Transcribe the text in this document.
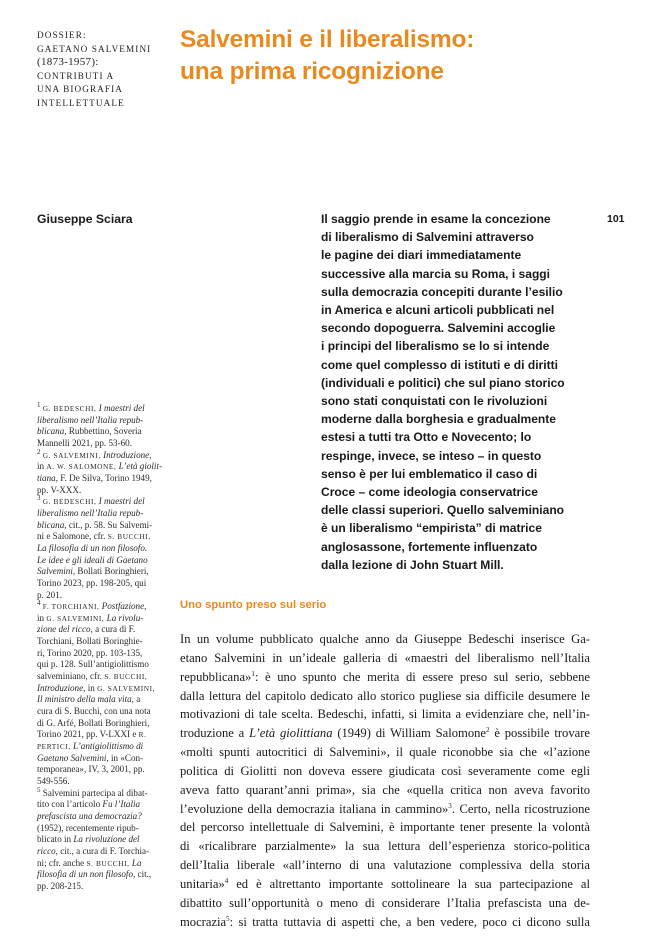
DOSSIER:
GAETANO SALVEMINI
(1873-1957):
CONTRIBUTI A
UNA BIOGRAFIA
INTELLETTUALE
Salvemini e il liberalismo:
una prima ricognizione
Giuseppe Sciara	101
Il saggio prende in esame la concezione
di liberalismo di Salvemini attraverso
le pagine dei diari immediatamente
successive alla marcia su Roma, i saggi
sulla democrazia concepiti durante l’esilio
in America e alcuni articoli pubblicati nel
secondo dopoguerra. Salvemini accoglie
i principi del liberalismo se lo si intende
come quel complesso di istituti e di diritti
(individuali e politici) che sul piano storico
sono stati conquistati con le rivoluzioni
moderne dalla borghesia e gradualmente
estesi a tutti tra Otto e Novecento; lo
respinge, invece, se inteso – in questo
senso è per lui emblematico il caso di
Croce – come ideologia conservatrice
delle classi superiori. Quello salveminiano
è un liberalismo “empirista” di matrice
anglosassone, fortemente influenzato
dalla lezione di John Stuart Mill.
$^1$ G. BEDESCHI, I maestri del
liberalismo nell’Italia repub-
blicana, Rubbettino, Soveria
Mannelli 2021, pp. 53-60.
$^2$ G. SALVEMINI, Introduzione,
in A. W. SALOMONE, L’età giolit-
tiana, F. De Silva, Torino 1949,
pp. V-XXX.
$^3$ G. BEDESCHI, I maestri del
liberalismo nell’Italia repub-
blicana, cit., p. 58. Su Salvemi-
ni e Salomone, cfr. S. BUCCHI,
La filosofia di un non filosofo.
Le idee e gli ideali di Gaetano
Salvemini, Bollati Boringhieri,
Torino 2023, pp. 198-205, qui
p. 201.
$^4$ F. TORCHIANI, Postfazione,
in G. SALVEMINI, La rivolu-
zione del ricco, a cura di F.
Torchiani, Bollati Boringhie-
ri, Torino 2020, pp. 103-135,
qui p. 128. Sull’antigiolittismo
salveminiano, cfr. S. BUCCHI,
Introduzione, in G. SALVEMINI,
Il ministro della mala vita, a
cura di S. Bucchi, con una nota
di G. Arfé, Bollati Boringhieri,
Torino 2021, pp. V-LXXI e R.
PERTICI, L’antigiolittismo di
Gaetano Salvemini, in «Con-
temporanea», IV, 3, 2001, pp.
549-556.
$^5$ Salvemini partecipa al dibat-
tito con l’articolo Fu l’Italia
prefascista una democrazia?
(1952), recentemente ripub-
blicato in La rivoluzione del
ricco, cit., a cura di F. Torchia-
ni; cfr. anche S. BUCCHI, La
filosofia di un non filosofo, cit.,
pp. 208-215.
Uno spunto preso sul serio
In un volume pubblicato qualche anno da Giuseppe Bedeschi inserisce Ga-
etano Salvemini in un’ideale galleria di «maestri del liberalismo nell’Italia
repubblicana»$^1$: è uno spunto che merita di essere preso sul serio, sebbene
dalla lettura del capitolo dedicato allo storico pugliese sia difficile desumere le
motivazioni di tale scelta. Bedeschi, infatti, si limita a evidenziare che, nell’in-
troduzione a L’età giolittiana (1949) di William Salomone$^2$ è possibile trovare
«molti spunti autocritici di Salvemini», il quale riconobbe sia che «l’azione
politica di Giolitti non doveva essere giudicata così severamente come egli
aveva fatto quarant’anni prima», sia che «quella critica non aveva favorito
l’evoluzione della democrazia italiana in cammino»$^3$. Certo, nella ricostruzione
del percorso intellettuale di Salvemini, è importante tener presente la volontà
di «ricalibrare parzialmente» la sua lettura dell’esperienza storico-politica
dell’Italia liberale «all’interno di una valutazione complessiva della storia
unitaria»$^4$ ed è altrettanto importante sottolineare la sua partecipazione al
dibattito sull’opportunità o meno di considerare l’Italia prefascista una de-
mocrazia$^5$: si tratta tuttavia di aspetti che, a ben vedere, poco ci dicono sulla
